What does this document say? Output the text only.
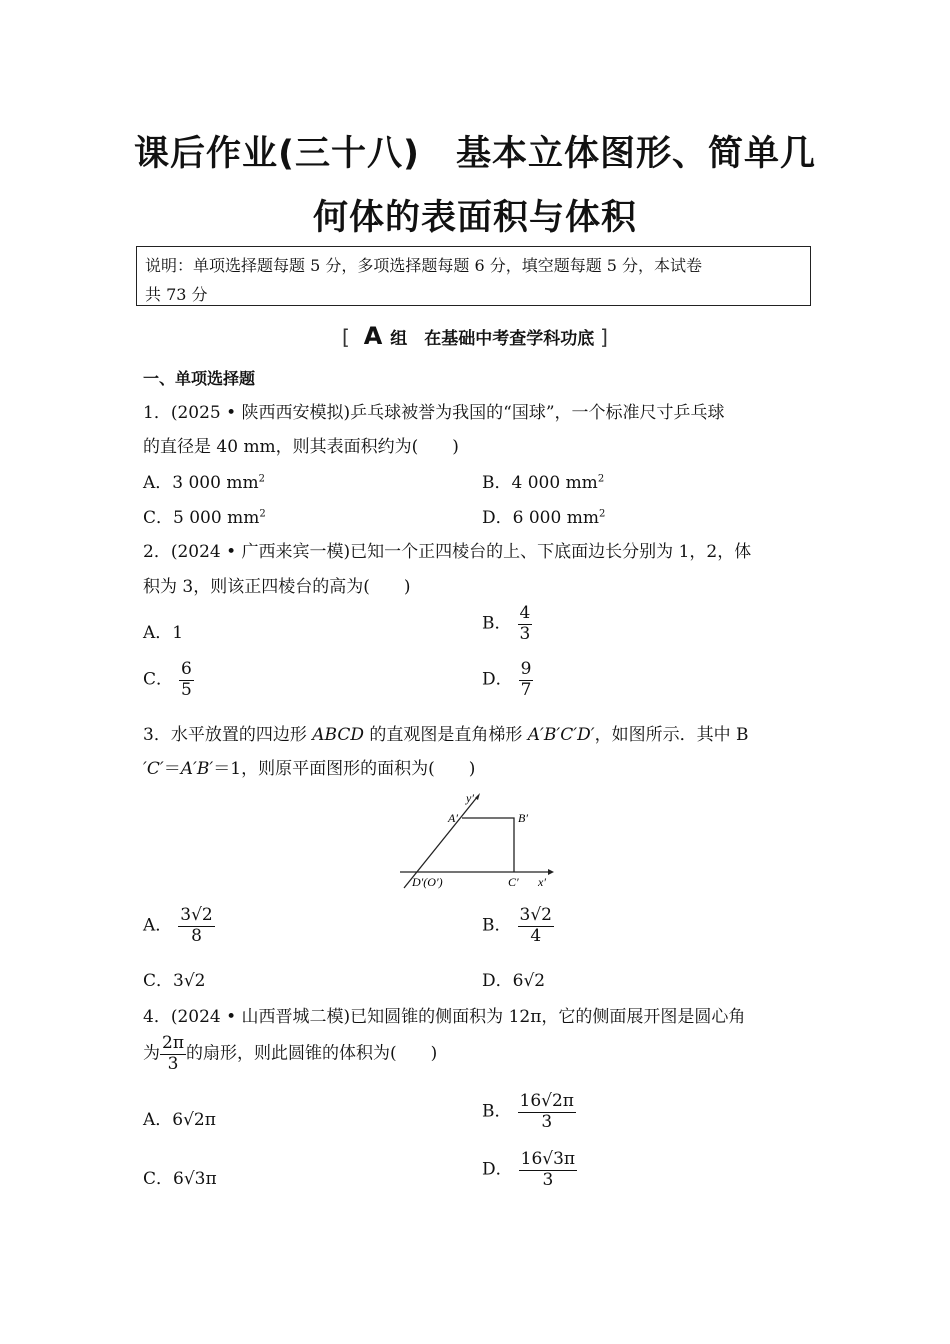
课后作业(三十八)　基本立体图形、简单几
何体的表面积与体积
说明：单项选择题每题 5 分，多项选择题每题 6 分，填空题每题 5 分，本试卷
共 73 分
[ A 组　在基础中考查学科功底 ]
一、单项选择题
1．(2025 • 陕西西安模拟)乒乓球被誉为我国的“国球”，一个标准尺寸乒乓球
的直径是 40 mm，则其表面积约为(　　)
A．3 000 $mm^2$	B．4 000 $mm^2$
C．5 000 $mm^2$	D．6 000 $mm^2$
2．(2024 • 广西来宾一模)已知一个正四棱台的上、下底面边长分别为 1，2，体
积为 3，则该正四棱台的高为(　　)
A．1	B． $\frac{4}{3}$
C． $\frac{6}{5}$	D． $\frac{9}{7}$
3．水平放置的四边形 ABCD 的直观图是直角梯形 A′B′C′D′，如图所示．其中 B
′C′＝A′B′＝1，则原平面图形的面积为(　　)
y′
A′	B′
C′ x′
D′(O′)
A． $\frac{3√2}{8}$	B． $\frac{3√2}{4}$
C．3√2	D．6√2
4．(2024 • 山西晋城二模)已知圆锥的侧面积为 12π，它的侧面展开图是圆心角
为 $\frac{2\pi}{3}$ 的扇形，则此圆锥的体积为(　　)
A．6√2π	B． $\frac{16√2\pi}{3}$
C．6√3π	D． $\frac{16√3\pi}{3}$
